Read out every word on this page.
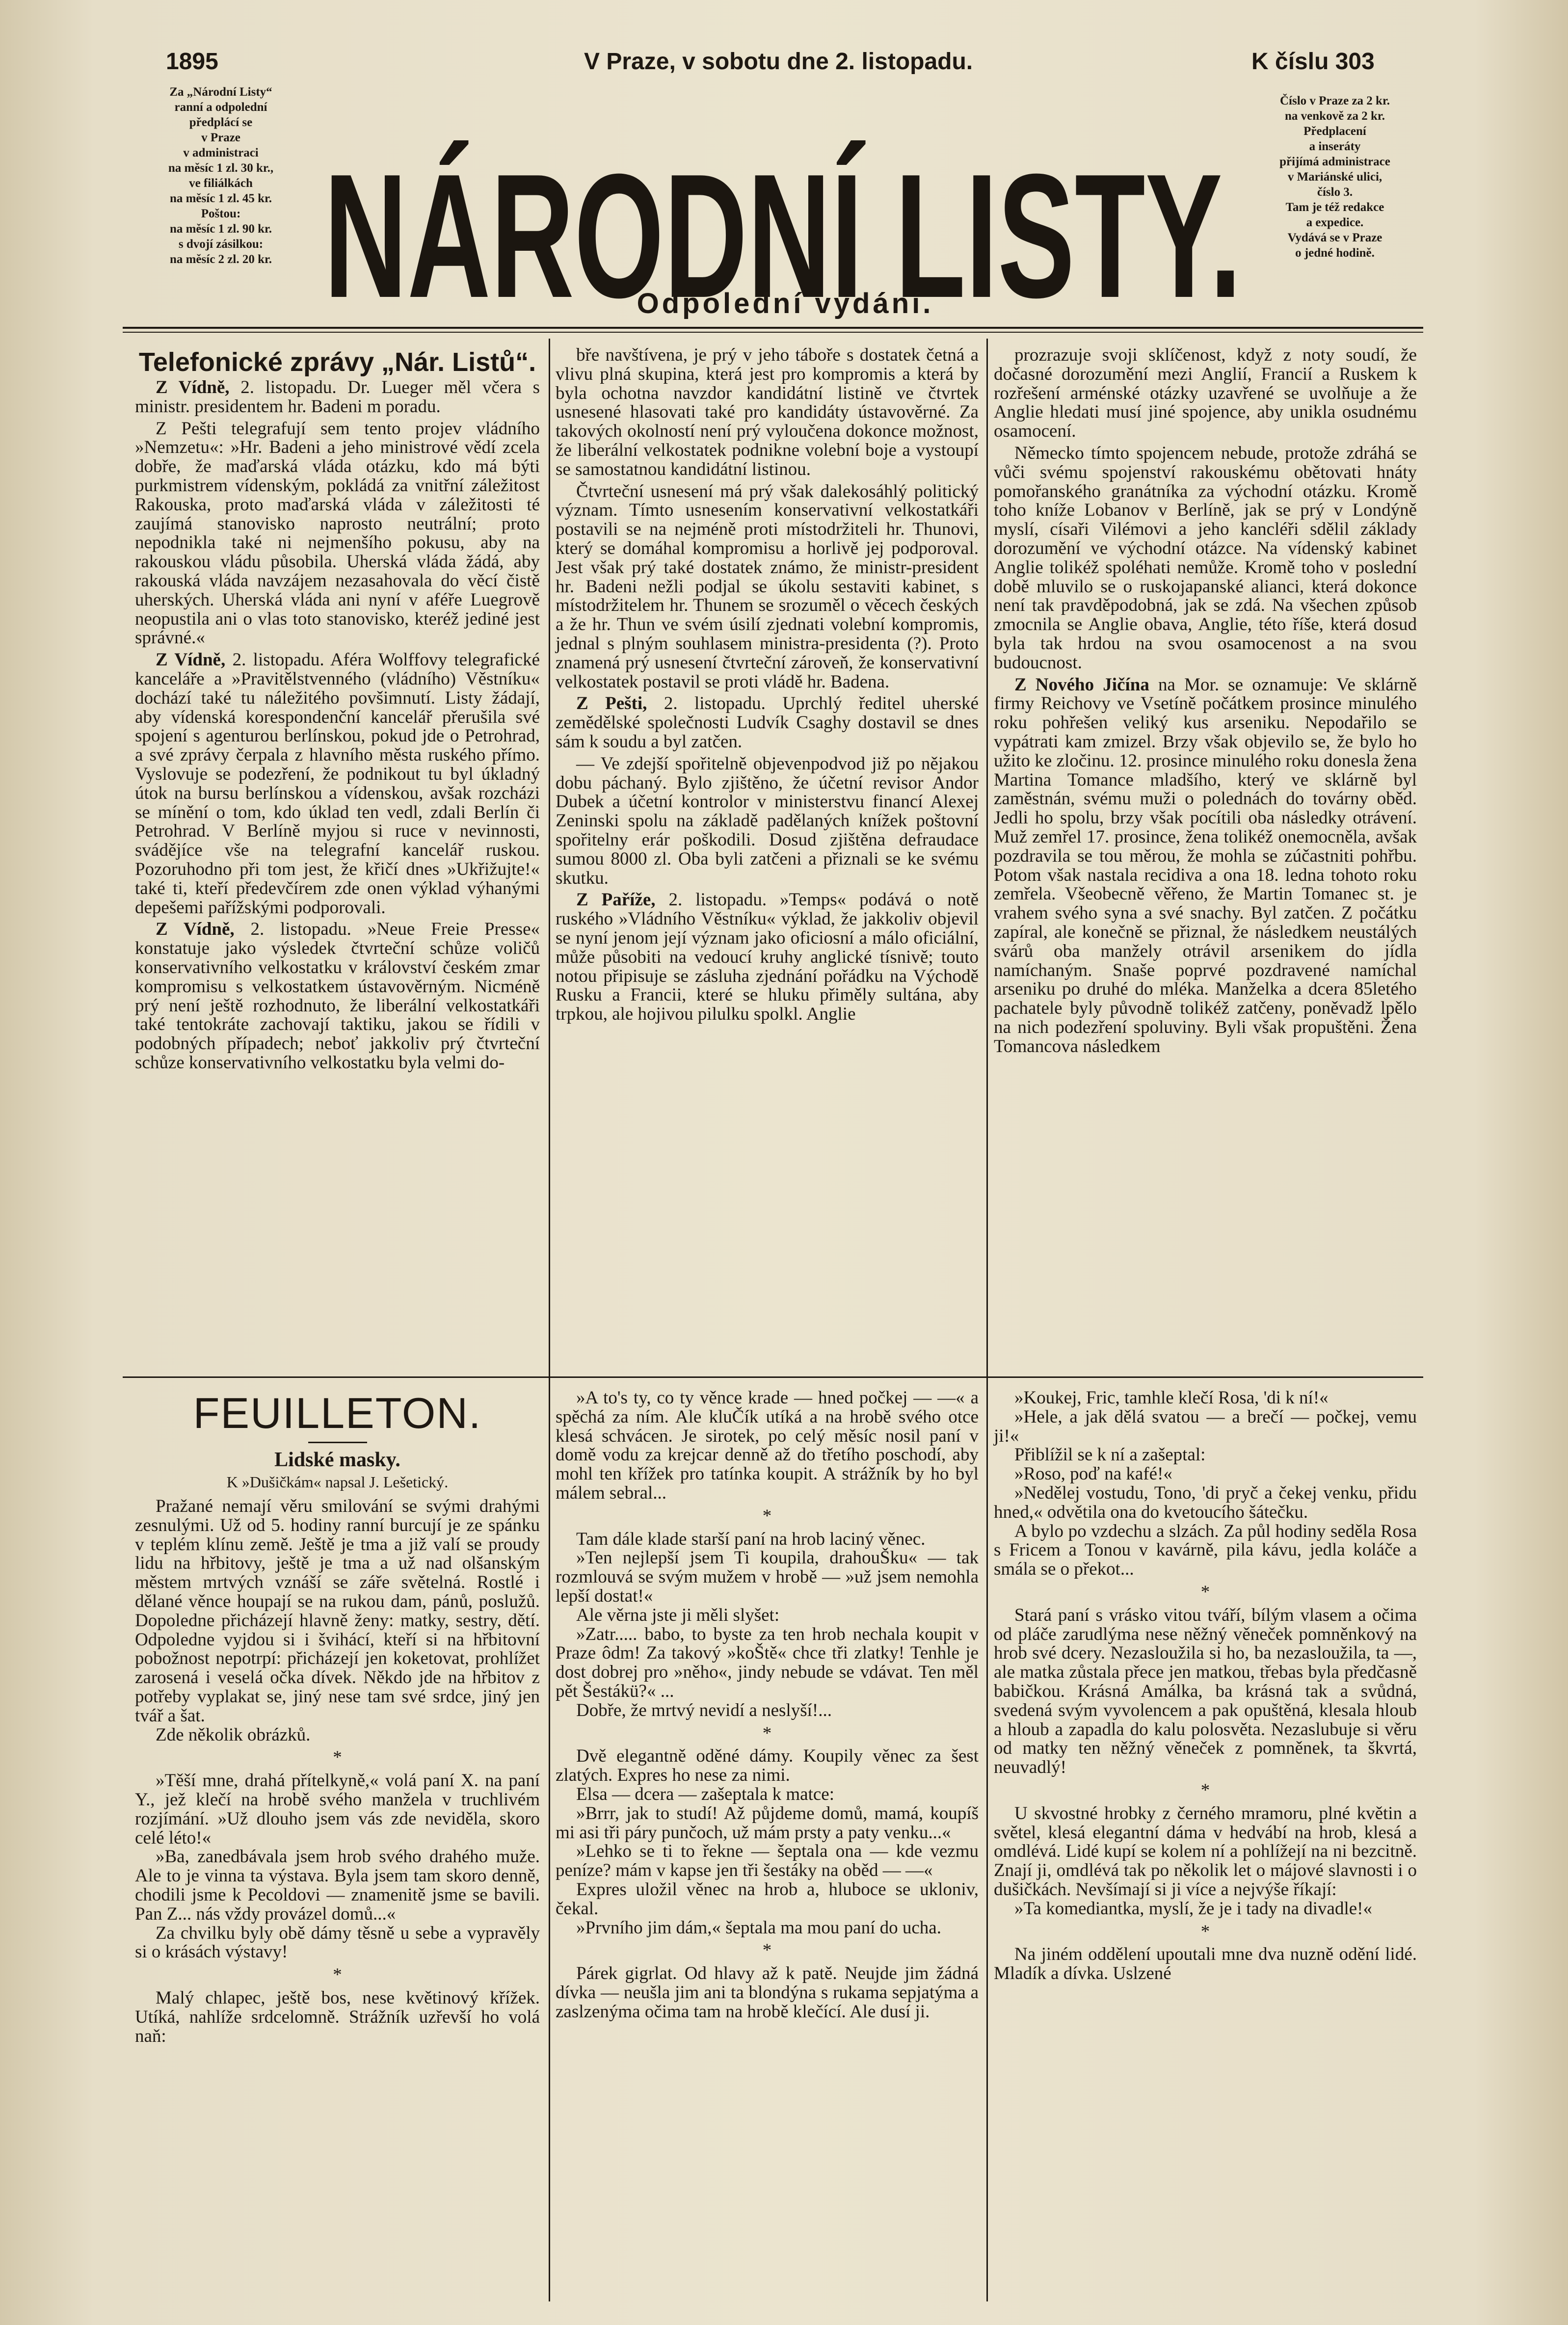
1895	V Praze, v sobotu dne 2. listopadu.	K číslu 303
Za „Národní Listy“
ranní a odpolední
předplácí se
v Praze
v administraci
na měsíc 1 zl. 30 kr.,
ve filiálkách
na měsíc 1 zl. 45 kr.
Poštou:
na měsíc 1 zl. 90 kr.
s dvojí zásilkou:
na měsíc 2 zl. 20 kr.
Číslo v Praze za 2 kr.
na venkově za 2 kr.
Předplacení
a inseráty
přijímá administrace
v Mariánské ulici,
číslo 3.
Tam je též redakce
a expedice.
Vydává se v Praze
o jedné hodině.
NÁRODNÍ LISTY.
Odpolední vydání.
Telefonické zprávy „Nár. Listů“.

Z Vídně, 2. listopadu. Dr. Lueger měl včera s ministr. presidentem hr. Badeni m poradu.

Z Pešti telegrafují sem tento projev vládního »Nemzetu«: »Hr. Badeni a jeho ministrové vědí zcela dobře, že maďarská vláda otázku, kdo má býti purkmistrem vídenským, pokládá za vnitřní záležitost Rakouska, proto maďarská vláda v záležitosti té zaujímá stanovisko naprosto neutrální; proto nepodnikla také ni nejmenšího pokusu, aby na rakouskou vládu působila. Uherská vláda žádá, aby rakouská vláda navzájem nezasahovala do věcí čistě uherských. Uherská vláda ani nyní v aféře Luegrově neopustila ani o vlas toto stanovisko, kteréž jediné jest správné.«

Z Vídně, 2. listopadu. Aféra Wolffovy telegrafické kanceláře a »Pravitělstvenného (vládního) Věstníku« dochází také tu náležitého povšimnutí. Listy žádají, aby vídenská korespondenční kancelář přerušila své spojení s agenturou berlínskou, pokud jde o Petrohrad, a své zprávy čerpala z hlavního města ruského přímo. Vyslovuje se podezření, že podnikout tu byl úkladný útok na bursu berlínskou a vídenskou, avšak rozcházi se mínění o tom, kdo úklad ten vedl, zdali Berlín či Petrohrad. V Berlíně myjou si ruce v nevinnosti, svádějíce vše na telegrafní kancelář ruskou. Pozoruhodno při tom jest, že křičí dnes »Ukřižujte!« také ti, kteří předevčírem zde onen výklad výhanými depešemi pařížskými podporovali.

Z Vídně, 2. listopadu. »Neue Freie Presse« konstatuje jako výsledek čtvrteční schůze voličů konservativního velkostatku v království českém zmar kompromisu s velkostatkem ústavověrným. Nicméně prý není ještě rozhodnuto, že liberální velkostatkáři také tentokráte zachovají taktiku, jakou se řídili v podobných případech; neboť jakkoliv prý čtvrteční schůze konservativního velkostatku byla velmi do-

bře navštívena, je prý v jeho táboře s dostatek četná a vlivu plná skupina, která jest pro kompromis a která by byla ochotna navzdor kandidátní listině ve čtvrtek usnesené hlasovati také pro kandidáty ústavověrné. Za takových okolností není prý vyloučena dokonce možnost, že liberální velkostatek podnikne volební boje a vystoupí se samostatnou kandidátní listinou.

Čtvrteční usnesení má prý však dalekosáhlý politický význam. Tímto usnesením konservativní velkostatkáři postavili se na nejméně proti místodržiteli hr. Thunovi, který se domáhal kompromisu a horlivě jej podporoval. Jest však prý také dostatek známo, že ministr-president hr. Badeni nežli podjal se úkolu sestaviti kabinet, s místodržitelem hr. Thunem se srozuměl o věcech českých a že hr. Thun ve svém úsilí zjednati volební kompromis, jednal s plným souhlasem ministra-presidenta (?). Proto znamená prý usnesení čtvrteční zároveň, že konservativní velkostatek postavil se proti vládě hr. Badena.

Z Pešti, 2. listopadu. Uprchlý ředitel uherské zemědělské společnosti Ludvík Csaghy dostavil se dnes sám k soudu a byl zatčen.

— Ve zdejší spořitelně objevenpodvod již po nějakou dobu páchaný. Bylo zjištěno, že účetní revisor Andor Dubek a účetní kontrolor v ministerstvu financí Alexej Zeninski spolu na základě padělaných knížek poštovní spořitelny erár poškodili. Dosud zjištěna defraudace sumou 8000 zl. Oba byli zatčeni a přiznali se ke svému skutku.

Z Paříže, 2. listopadu. »Temps« podává o notě ruského »Vládního Věstníku« výklad, že jakkoliv objevil se nyní jenom její význam jako oficiosní a málo oficiální, může působiti na vedoucí kruhy anglické tísnivě; touto notou připisuje se zásluha zjednání pořádku na Východě Rusku a Francii, které se hluku přiměly sultána, aby trpkou, ale hojivou pilulku spolkl. Anglie

prozrazuje svoji sklíčenost, když z noty soudí, že dočasné dorozumění mezi Anglií, Francií a Ruskem k rozřešení arménské otázky uzavřené se uvolňuje a že Anglie hledati musí jiné spojence, aby unikla osudnému osamocení.

Německo tímto spojencem nebude, protože zdráhá se vůči svému spojenství rakouskému obětovati hnáty pomořanského granátníka za východní otázku. Kromě toho kníže Lobanov v Berlíně, jak se prý v Londýně myslí, císaři Vilémovi a jeho kancléři sdělil základy dorozumění ve východní otázce. Na vídenský kabinet Anglie tolikéž spoléhati nemůže. Kromě toho v poslední době mluvilo se o ruskojapanské alianci, která dokonce není tak pravděpodobná, jak se zdá. Na všechen způsob zmocnila se Anglie obava, Anglie, této říše, která dosud byla tak hrdou na svou osamocenost a na svou budoucnost.

Z Nového Jičína na Mor. se oznamuje: Ve sklárně firmy Reichovy ve Vsetíně počátkem prosince minulého roku pohřešen veliký kus arseniku. Nepodařilo se vypátrati kam zmizel. Brzy však objevilo se, že bylo ho užito ke zločinu. 12. prosince minulého roku donesla žena Martina Tomance mladšího, který ve sklárně byl zaměstnán, svému muži o polednách do továrny oběd. Jedli ho spolu, brzy však pocítili oba následky otrávení. Muž zemřel 17. prosince, žena tolikéž onemocněla, avšak pozdravila se tou měrou, že mohla se zúčastniti pohřbu. Potom však nastala recidiva a ona 18. ledna tohoto roku zemřela. Všeobecně věřeno, že Martin Tomanec st. je vrahem svého syna a své snachy. Byl zatčen. Z počátku zapíral, ale konečně se přiznal, že následkem neustálých svárů oba manžely otrávil arsenikem do jídla namíchaným. Snaše poprvé pozdravené namíchal arseniku po druhé do mléka. Manželka a dcera 85letého pachatele byly původně tolikéž zatčeny, poněvadž lpělo na nich podezření spoluviny. Byli však propuštěni. Žena Tomancova následkem

FEUILLETON.
Lidské masky.
K »Dušičkám« napsal J. Lešetický.

Pražané nemají věru smilování se svými drahými zesnulými. Už od 5. hodiny ranní burcují je ze spánku v teplém klínu země. Ještě je tma a již valí se proudy lidu na hřbitovy, ještě je tma a už nad olšanským městem mrtvých vznáší se záře světelná. Rostlé i dělané věnce houpají se na rukou dam, pánů, poslužů. Dopoledne přicházejí hlavně ženy: matky, sestry, dětí. Odpoledne vyjdou si i švihácí, kteří si na hřbitovní pobožnost nepotrpí: přicházejí jen koketovat, prohlížet zarosená i veselá očka dívek. Někdo jde na hřbitov z potřeby vyplakat se, jiný nese tam své srdce, jiný jen tvář a šat.

Zde několik obrázků.

*

»Těší mne, drahá přítelkyně,« volá paní X. na paní Y., jež klečí na hrobě svého manžela v truchlivém rozjímání. »Už dlouho jsem vás zde neviděla, skoro celé léto!«

»Ba, zanedbávala jsem hrob svého drahého muže. Ale to je vinna ta výstava. Byla jsem tam skoro denně, chodili jsme k Pecoldovi — znamenitě jsme se bavili. Pan Z... nás vždy provázel domů...«

Za chvilku byly obě dámy těsně u sebe a vypravěly si o krásách výstavy!

*

Malý chlapec, ještě bos, nese květinový křížek. Utíká, nahlíže srdcelomně. Strážník uzřevší ho volá naň:

»A to's ty, co ty věnce krade — hned počkej — —« a spěchá za ním. Ale kluČík utíká a na hrobě svého otce klesá schvácen. Je sirotek, po celý měsíc nosil paní v domě vodu za krejcar denně až do třetího poschodí, aby mohl ten křížek pro tatínka koupit. A strážník by ho byl málem sebral...

*

Tam dále klade starší paní na hrob laciný věnec.

»Ten nejlepší jsem Ti koupila, drahouŠku« — tak rozmlouvá se svým mužem v hrobě — »už jsem nemohla lepší dostat!«

Ale věrna jste ji měli slyšet:

»Zatr..... babo, to byste za ten hrob nechala koupit v Praze ôdm! Za takový »koŠtě« chce tři zlatky! Tenhle je dost dobrej pro »něho«, jindy nebude se vdávat. Ten měl pět Šestákü?« ...

Dobře, že mrtvý nevidí a neslyší!...

*

Dvě elegantně oděné dámy. Koupily věnec za šest zlatých. Expres ho nese za nimi.

Elsa — dcera — zašeptala k matce:

»Brrr, jak to studí! Až půjdeme domů, mamá, koupíš mi asi tři páry punčoch, už mám prsty a paty venku...«

»Lehko se ti to řekne — šeptala ona — kde vezmu peníze? mám v kapse jen tři šestáky na oběd — —«

Expres uložil věnec na hrob a, hluboce se ukloniv, čekal.

»Prvního jim dám,« šeptala ma mou paní do ucha.

*

Párek gigrlat. Od hlavy až k patě. Neujde jim žádná dívka — neušla jim ani ta blondýna s rukama sepjatýma a zaslzenýma očima tam na hrobě klečící. Ale dusí ji.

»Koukej, Fric, tamhle klečí Rosa, 'di k ní!«

»Hele, a jak dělá svatou — a brečí — počkej, vemu ji!«

Přiblížil se k ní a zašeptal:

»Roso, poď na kafé!«

»Nedělej vostudu, Tono, 'di pryč a čekej venku, přidu hned,« odvětila ona do kvetoucího šátečku.

A bylo po vzdechu a slzách. Za půl hodiny seděla Rosa s Fricem a Tonou v kavárně, pila kávu, jedla koláče a smála se o překot...

*

Stará paní s vrásko vitou tváří, bílým vlasem a očima od pláče zarudlýma nese něžný věneček pomněnkový na hrob své dcery. Nezasloužila si ho, ba nezasloužila, ta —, ale matka zůstala přece jen matkou, třebas byla předčasně babičkou. Krásná Amálka, ba krásná tak a svůdná, svedená svým vyvolencem a pak opuštěná, klesala hloub a hloub a zapadla do kalu polosvěta. Nezaslubuje si věru od matky ten něžný věneček z pomněnek, ta škvrtá, neuvadlý!

*

U skvostné hrobky z černého mramoru, plné květin a světel, klesá elegantní dáma v hedvábí na hrob, klesá a omdlévá. Lidé kupí se kolem ní a pohlížejí na ni bezcitně. Znají ji, omdlévá tak po několik let o májové slavnosti i o dušičkách. Nevšímají si ji více a nejvýše říkají:

»Ta komediantka, myslí, že je i tady na divadle!«

*

Na jiném oddělení upoutali mne dva nuzně odění lidé. Mladík a dívka. Uslzené
